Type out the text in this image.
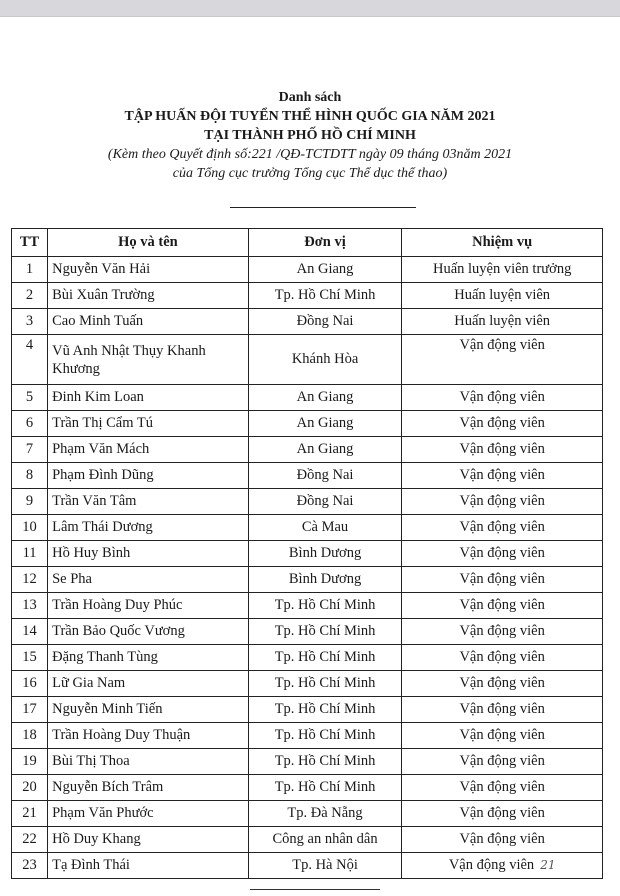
Danh sách
TẬP HUẤN ĐỘI TUYỂN THỂ HÌNH QUỐC GIA NĂM 2021
TẠI THÀNH PHỐ HỒ CHÍ MINH
(Kèm theo Quyết định số:221 /QĐ-TCTDTT ngày 09 tháng 03năm 2021
của Tổng cục trưởng Tổng cục Thể dục thể thao)
TT	Họ và tên	Đơn vị	Nhiệm vụ
1	Nguyễn Văn Hải	An Giang	Huấn luyện viên trưởng
2	Bùi Xuân Trường	Tp. Hồ Chí Minh	Huấn luyện viên
3	Cao Minh Tuấn	Đồng Nai	Huấn luyện viên
4	Vũ Anh Nhật Thụy Khanh Khương	Khánh Hòa	Vận động viên
5	Đinh Kim Loan	An Giang	Vận động viên
6	Trần Thị Cẩm Tú	An Giang	Vận động viên
7	Phạm Văn Mách	An Giang	Vận động viên
8	Phạm Đình Dũng	Đồng Nai	Vận động viên
9	Trần Văn Tâm	Đồng Nai	Vận động viên
10	Lâm Thái Dương	Cà Mau	Vận động viên
11	Hồ Huy Bình	Bình Dương	Vận động viên
12	Se Pha	Bình Dương	Vận động viên
13	Trần Hoàng Duy Phúc	Tp. Hồ Chí Minh	Vận động viên
14	Trần Bảo Quốc Vương	Tp. Hồ Chí Minh	Vận động viên
15	Đặng Thanh Tùng	Tp. Hồ Chí Minh	Vận động viên
16	Lữ Gia Nam	Tp. Hồ Chí Minh	Vận động viên
17	Nguyễn Minh Tiến	Tp. Hồ Chí Minh	Vận động viên
18	Trần Hoàng Duy Thuận	Tp. Hồ Chí Minh	Vận động viên
19	Bùi Thị Thoa	Tp. Hồ Chí Minh	Vận động viên
20	Nguyễn Bích Trâm	Tp. Hồ Chí Minh	Vận động viên
21	Phạm Văn Phước	Tp. Đà Nẵng	Vận động viên
22	Hồ Duy Khang	Công an nhân dân	Vận động viên
23	Tạ Đình Thái	Tp. Hà Nội	Vận động viên 21
